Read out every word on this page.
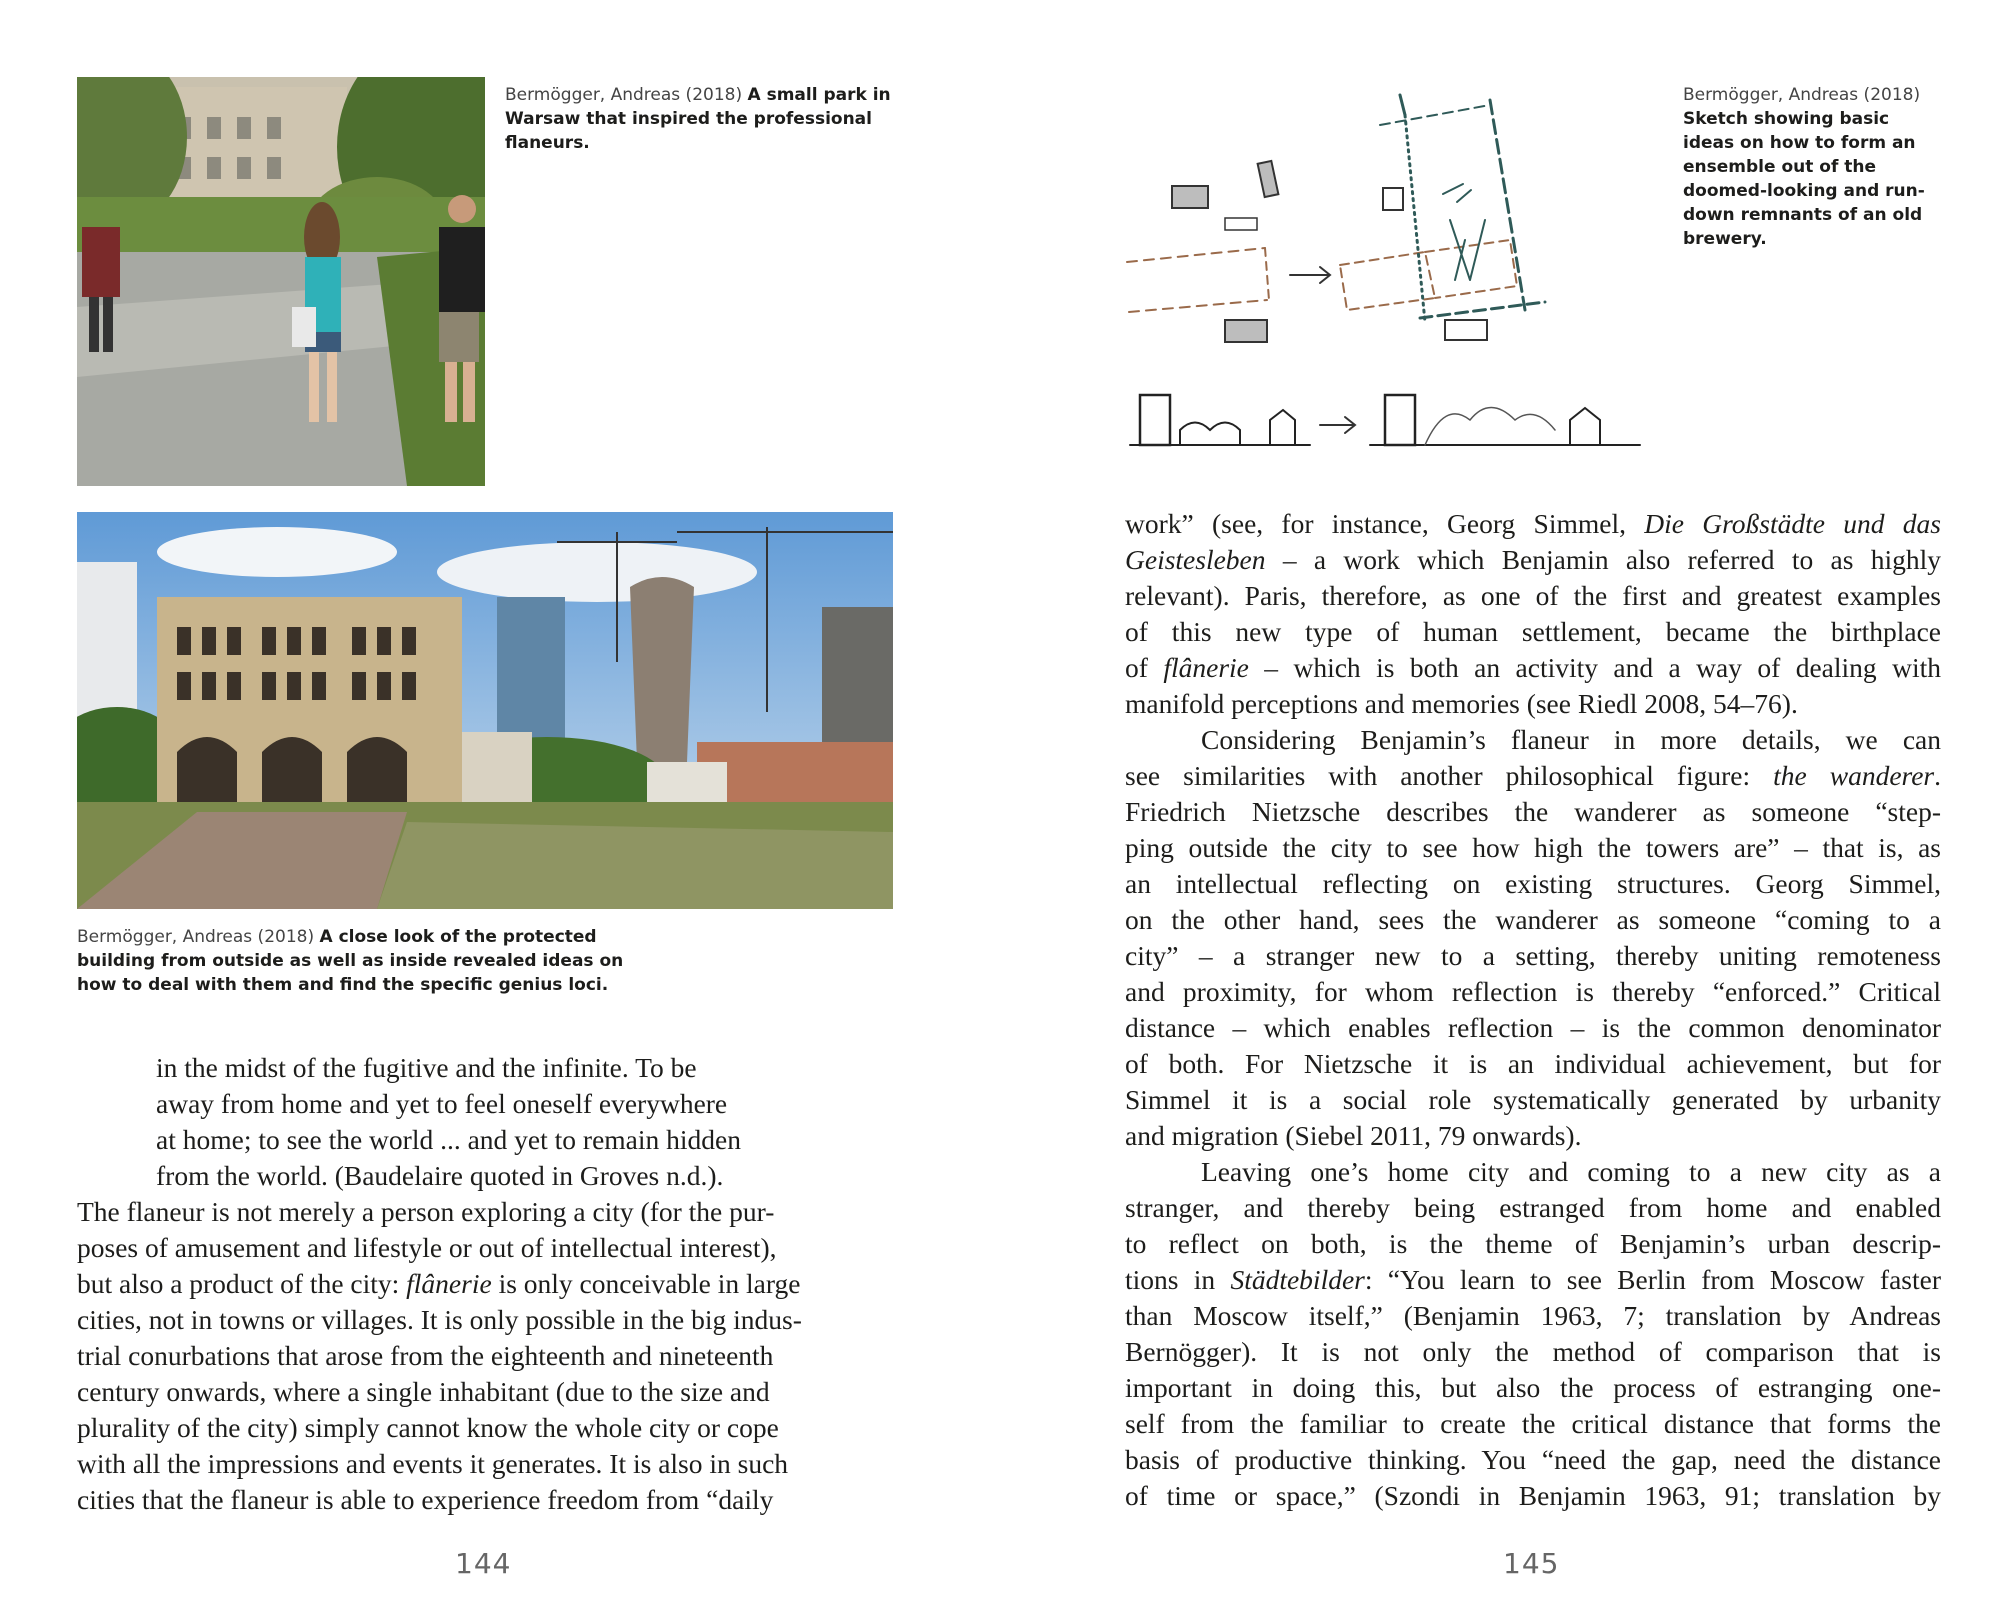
Bermögger, Andreas (2018) A small park in Warsaw that inspired the professional flaneurs.
Bermögger, Andreas (2018) A close look of the protected building from outside as well as inside revealed ideas on how to deal with them and find the specific genius loci.
in the midst of the fugitive and the infinite. To be
away from home and yet to feel oneself everywhere
at home; to see the world ... and yet to remain hidden
from the world. (Baudelaire quoted in Groves n.d.).
The flaneur is not merely a person exploring a city (for the pur-
poses of amusement and lifestyle or out of intellectual interest),
but also a product of the city: flânerie is only conceivable in large
cities, not in towns or villages. It is only possible in the big indus-
trial conurbations that arose from the eighteenth and nineteenth
century onwards, where a single inhabitant (due to the size and
plurality of the city) simply cannot know the whole city or cope
with all the impressions and events it generates. It is also in such
cities that the flaneur is able to experience freedom from “daily
144
Bermögger, Andreas (2018) Sketch showing basic ideas on how to form an ensemble out of the doomed-looking and run-down remnants of an old brewery.
work” (see, for instance, Georg Simmel, Die Großstädte und das
Geistesleben – a work which Benjamin also referred to as highly
relevant). Paris, therefore, as one of the first and greatest examples
of this new type of human settlement, became the birthplace
of flânerie – which is both an activity and a way of dealing with
manifold perceptions and memories (see Riedl 2008, 54–76).
Considering Benjamin’s flaneur in more details, we can
see similarities with another philosophical figure: the wanderer.
Friedrich Nietzsche describes the wanderer as someone “step-
ping outside the city to see how high the towers are” – that is, as
an intellectual reflecting on existing structures. Georg Simmel,
on the other hand, sees the wanderer as someone “coming to a
city” – a stranger new to a setting, thereby uniting remoteness
and proximity, for whom reflection is thereby “enforced.” Critical
distance – which enables reflection – is the common denominator
of both. For Nietzsche it is an individual achievement, but for
Simmel it is a social role systematically generated by urbanity
and migration (Siebel 2011, 79 onwards).
Leaving one’s home city and coming to a new city as a
stranger, and thereby being estranged from home and enabled
to reflect on both, is the theme of Benjamin’s urban descrip-
tions in Städtebilder: “You learn to see Berlin from Moscow faster
than Moscow itself,” (Benjamin 1963, 7; translation by Andreas
Bernögger). It is not only the method of comparison that is
important in doing this, but also the process of estranging one-
self from the familiar to create the critical distance that forms the
basis of productive thinking. You “need the gap, need the distance
of time or space,” (Szondi in Benjamin 1963, 91; translation by
145
